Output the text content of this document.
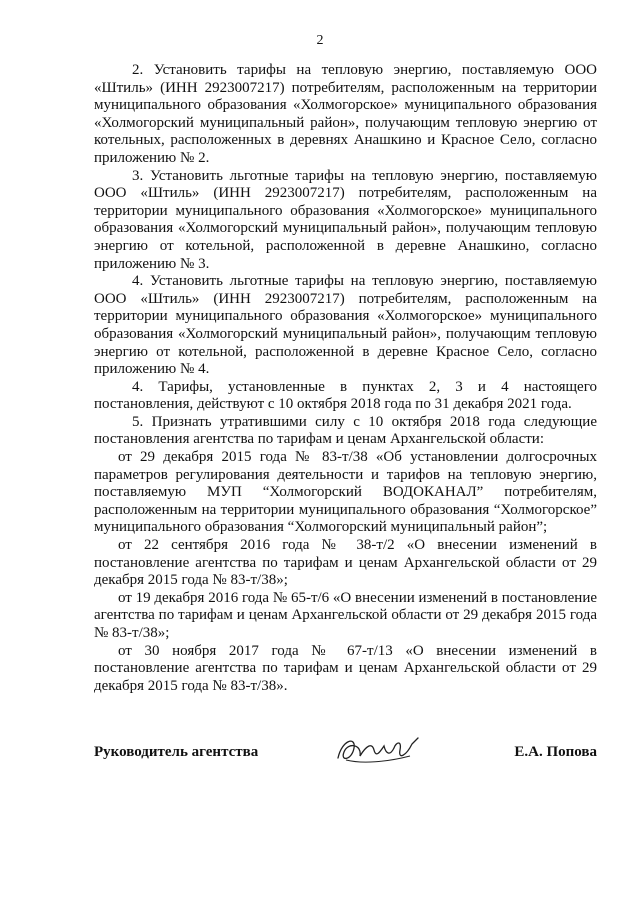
2

2. Установить тарифы на тепловую энергию, поставляемую ООО «Штиль» (ИНН 2923007217) потребителям, расположенным на территории муниципального образования «Холмогорское» муниципального образования «Холмогорский муниципальный район», получающим тепловую энергию от котельных, расположенных в деревнях Анашкино и Красное Село, согласно приложению № 2.

3. Установить льготные тарифы на тепловую энергию, поставляемую ООО «Штиль» (ИНН 2923007217) потребителям, расположенным на территории муниципального образования «Холмогорское» муниципального образования «Холмогорский муниципальный район», получающим тепловую энергию от котельной, расположенной в деревне Анашкино, согласно приложению № 3.

4. Установить льготные тарифы на тепловую энергию, поставляемую ООО «Штиль» (ИНН 2923007217) потребителям, расположенным на территории муниципального образования «Холмогорское» муниципального образования «Холмогорский муниципальный район», получающим тепловую энергию от котельной, расположенной в деревне Красное Село, согласно приложению № 4.

4. Тарифы, установленные в пунктах 2, 3 и 4 настоящего постановления, действуют с 10 октября 2018 года по 31 декабря 2021 года.

5. Признать утратившими силу с 10 октября 2018 года следующие постановления агентства по тарифам и ценам Архангельской области:

от 29 декабря 2015 года № 83-т/38 «Об установлении долгосрочных параметров регулирования деятельности и тарифов на тепловую энергию, поставляемую МУП “Холмогорский ВОДОКАНАЛ” потребителям, расположенным на территории муниципального образования “Холмогорское” муниципального образования “Холмогорский муниципальный район”;

от 22 сентября 2016 года № 38-т/2 «О внесении изменений в постановление агентства по тарифам и ценам Архангельской области от 29 декабря 2015 года № 83-т/38»;

от 19 декабря 2016 года № 65-т/6 «О внесении изменений в постановление агентства по тарифам и ценам Архангельской области от 29 декабря 2015 года № 83-т/38»;

от 30 ноября 2017 года № 67-т/13 «О внесении изменений в постановление агентства по тарифам и ценам Архангельской области от 29 декабря 2015 года № 83-т/38».

Руководитель агентства	Е.А. Попова
